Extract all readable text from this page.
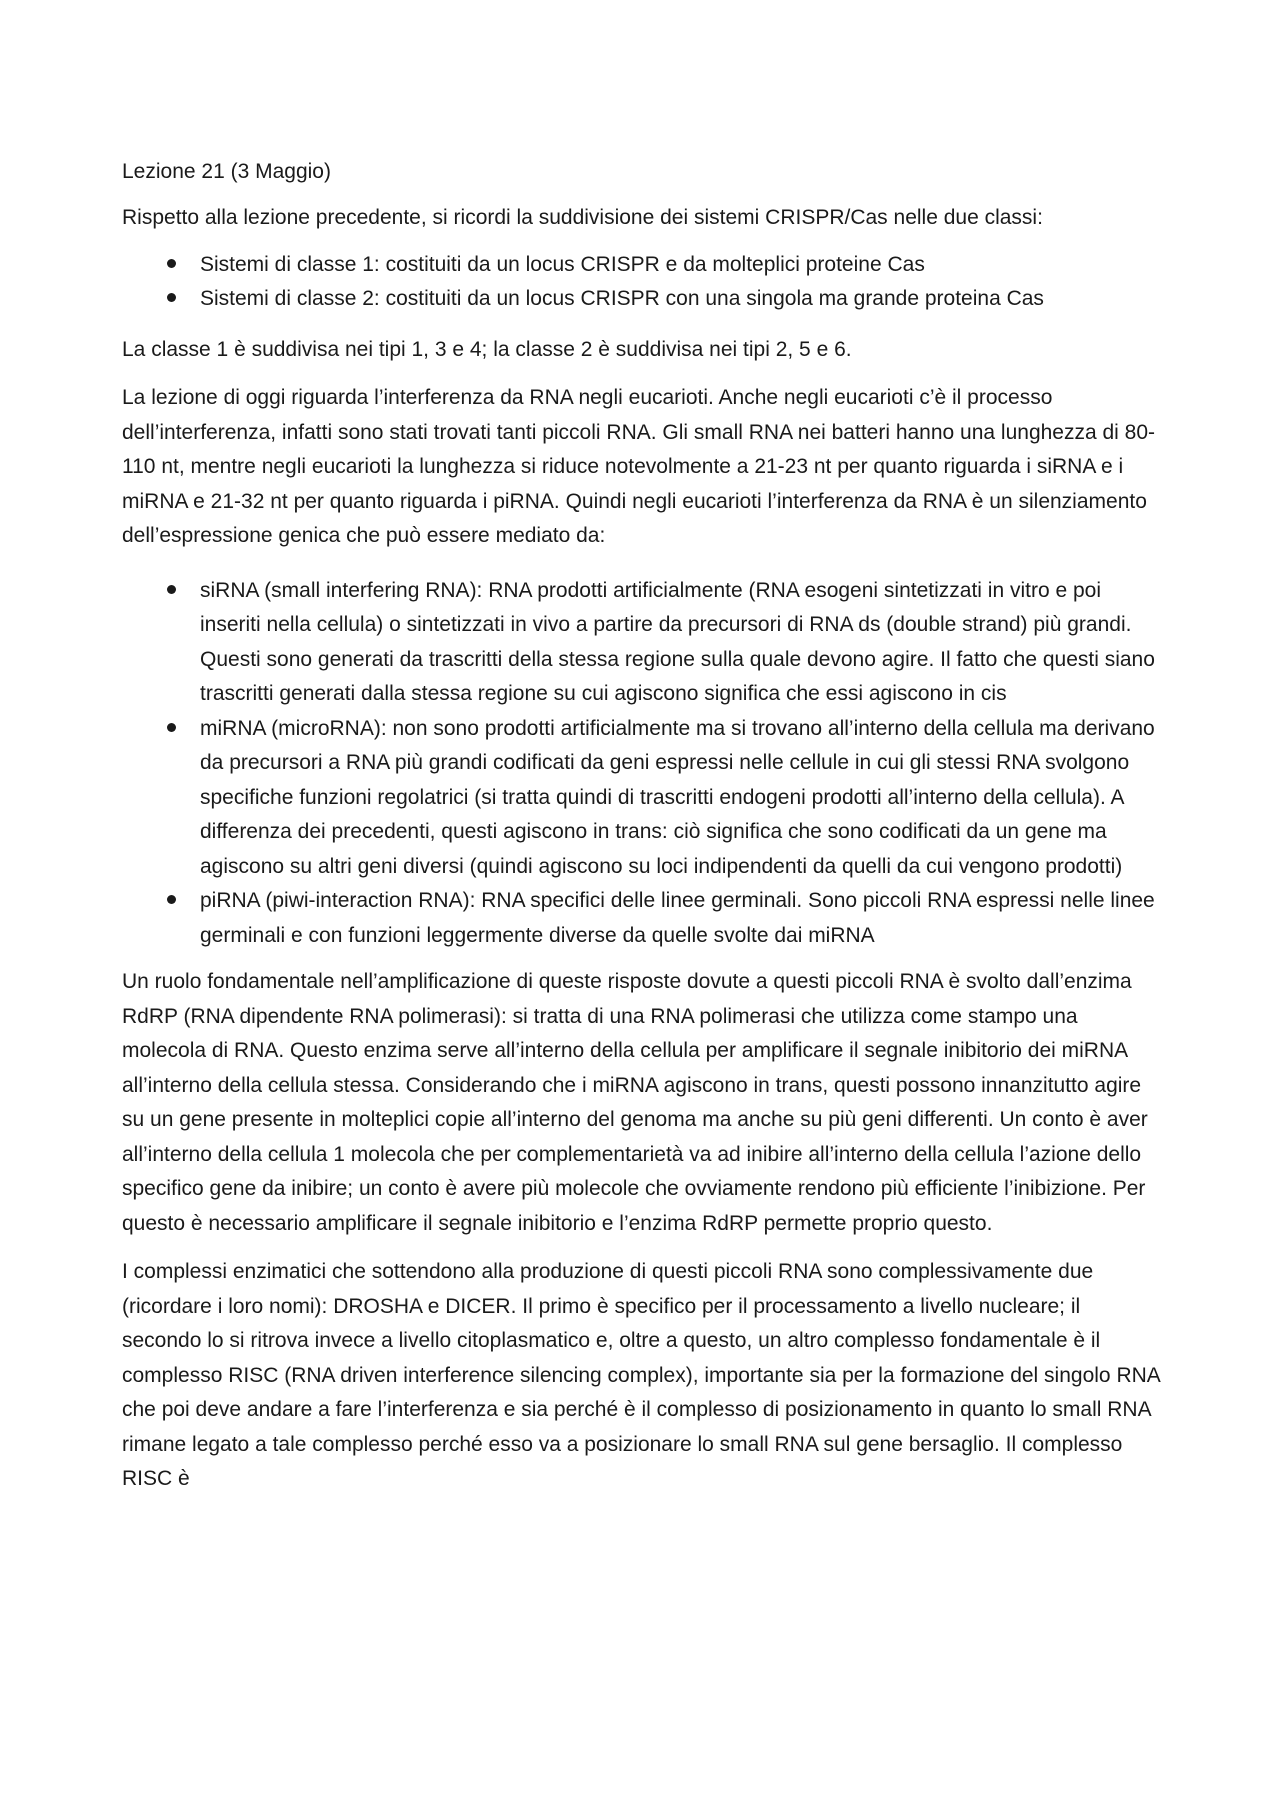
Lezione 21 (3 Maggio)

Rispetto alla lezione precedente, si ricordi la suddivisione dei sistemi CRISPR/Cas nelle due classi:

Sistemi di classe 1: costituiti da un locus CRISPR e da molteplici proteine Cas
Sistemi di classe 2: costituiti da un locus CRISPR con una singola ma grande proteina Cas

La classe 1 è suddivisa nei tipi 1, 3 e 4; la classe 2 è suddivisa nei tipi 2, 5 e 6.

La lezione di oggi riguarda l’interferenza da RNA negli eucarioti. Anche negli eucarioti c’è il processo dell’interferenza, infatti sono stati trovati tanti piccoli RNA. Gli small RNA nei batteri hanno una lunghezza di 80-110 nt, mentre negli eucarioti la lunghezza si riduce notevolmente a 21-23 nt per quanto riguarda i siRNA e i miRNA e 21-32 nt per quanto riguarda i piRNA. Quindi negli eucarioti l’interferenza da RNA è un silenziamento dell’espressione genica che può essere mediato da:

siRNA (small interfering RNA): RNA prodotti artificialmente (RNA esogeni sintetizzati in vitro e poi inseriti nella cellula) o sintetizzati in vivo a partire da precursori di RNA ds (double strand) più grandi. Questi sono generati da trascritti della stessa regione sulla quale devono agire. Il fatto che questi siano trascritti generati dalla stessa regione su cui agiscono significa che essi agiscono in cis
miRNA (microRNA): non sono prodotti artificialmente ma si trovano all’interno della cellula ma derivano da precursori a RNA più grandi codificati da geni espressi nelle cellule in cui gli stessi RNA svolgono specifiche funzioni regolatrici (si tratta quindi di trascritti endogeni prodotti all’interno della cellula). A differenza dei precedenti, questi agiscono in trans: ciò significa che sono codificati da un gene ma agiscono su altri geni diversi (quindi agiscono su loci indipendenti da quelli da cui vengono prodotti)
piRNA (piwi-interaction RNA): RNA specifici delle linee germinali. Sono piccoli RNA espressi nelle linee germinali e con funzioni leggermente diverse da quelle svolte dai miRNA

Un ruolo fondamentale nell’amplificazione di queste risposte dovute a questi piccoli RNA è svolto dall’enzima RdRP (RNA dipendente RNA polimerasi): si tratta di una RNA polimerasi che utilizza come stampo una molecola di RNA. Questo enzima serve all’interno della cellula per amplificare il segnale inibitorio dei miRNA all’interno della cellula stessa. Considerando che i miRNA agiscono in trans, questi possono innanzitutto agire su un gene presente in molteplici copie all’interno del genoma ma anche su più geni differenti. Un conto è aver all’interno della cellula 1 molecola che per complementarietà va ad inibire all’interno della cellula l’azione dello specifico gene da inibire; un conto è avere più molecole che ovviamente rendono più efficiente l’inibizione. Per questo è necessario amplificare il segnale inibitorio e l’enzima RdRP permette proprio questo.

I complessi enzimatici che sottendono alla produzione di questi piccoli RNA sono complessivamente due (ricordare i loro nomi): DROSHA e DICER. Il primo è specifico per il processamento a livello nucleare; il secondo lo si ritrova invece a livello citoplasmatico e, oltre a questo, un altro complesso fondamentale è il complesso RISC (RNA driven interference silencing complex), importante sia per la formazione del singolo RNA che poi deve andare a fare l’interferenza e sia perché è il complesso di posizionamento in quanto lo small RNA rimane legato a tale complesso perché esso va a posizionare lo small RNA sul gene bersaglio. Il complesso RISC è
